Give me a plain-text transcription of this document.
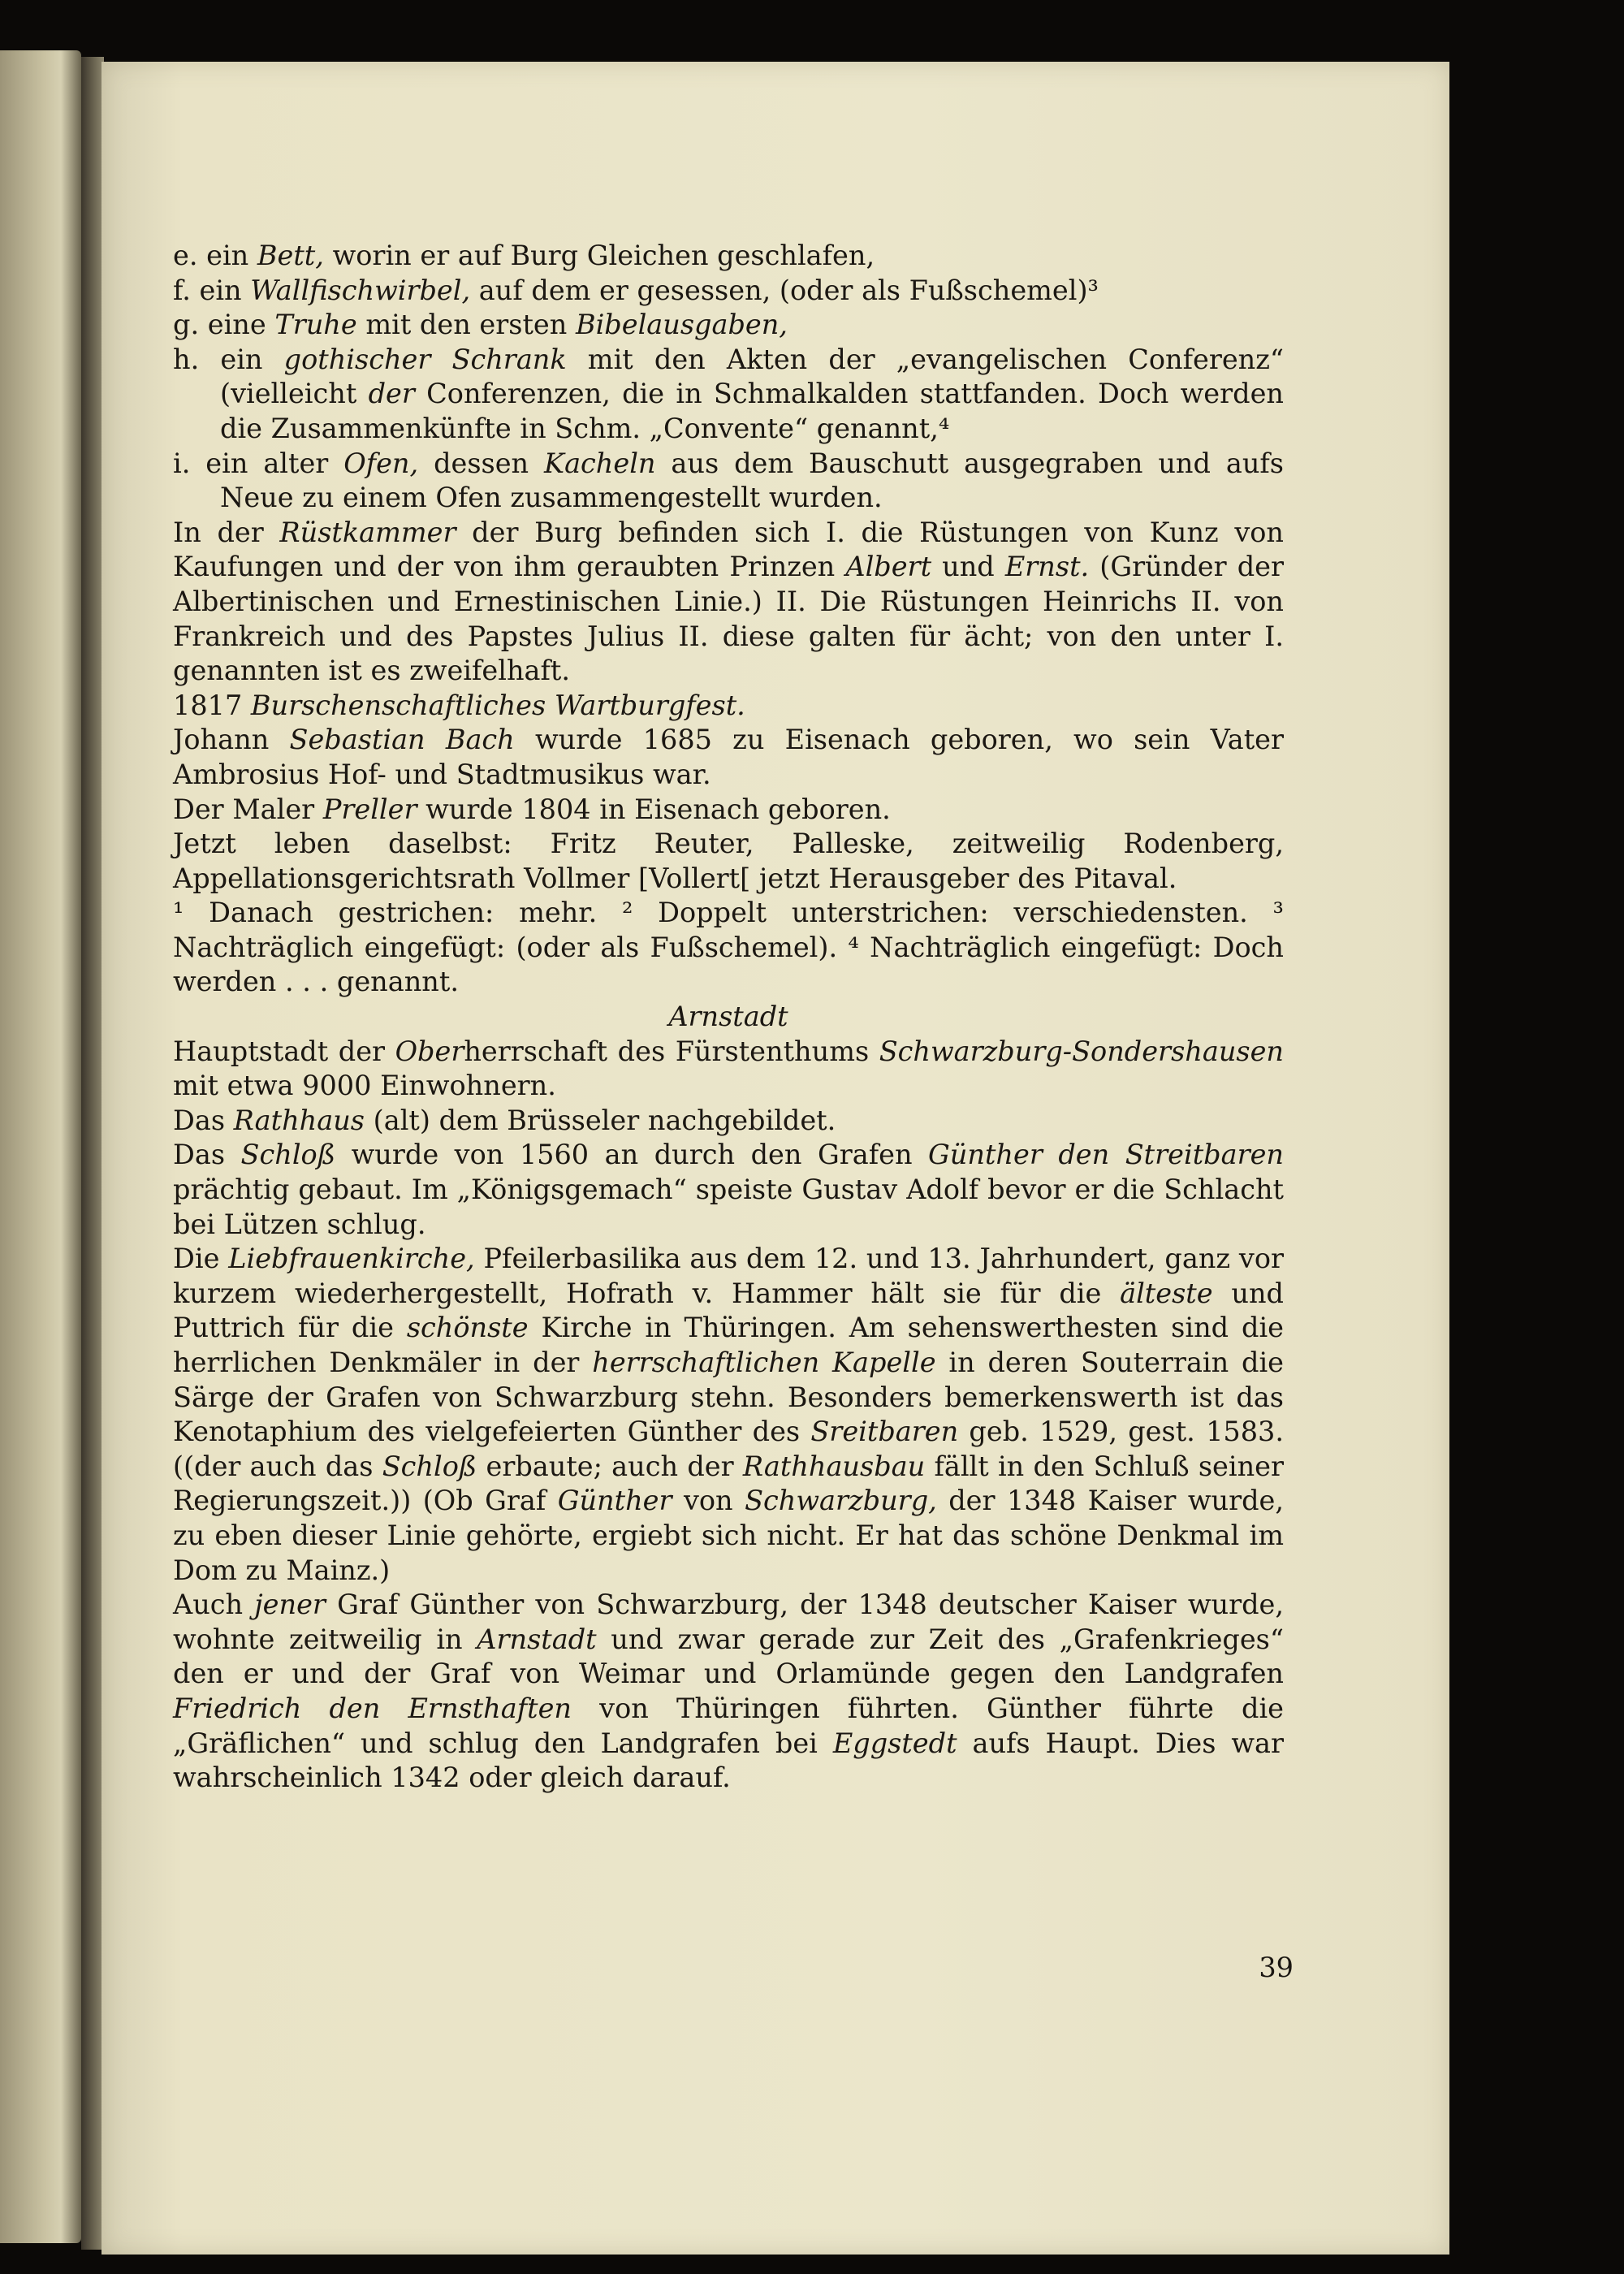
e. ein Bett, worin er auf Burg Gleichen geschlafen,

f. ein Wallfischwirbel, auf dem er gesessen, (oder als Fußschemel)³

g. eine Truhe mit den ersten Bibelausgaben,

h. ein gothischer Schrank mit den Akten der „evangelischen Conferenz“ (vielleicht der Conferenzen, die in Schmalkalden stattfanden. Doch werden die Zusammenkünfte in Schm. „Convente“ genannt,⁴

i. ein alter Ofen, dessen Kacheln aus dem Bauschutt ausgegraben und aufs Neue zu einem Ofen zusammengestellt wurden.

In der Rüstkammer der Burg befinden sich I. die Rüstungen von Kunz von Kaufungen und der von ihm geraubten Prinzen Albert und Ernst. (Gründer der Albertinischen und Ernestinischen Linie.) II. Die Rüstungen Heinrichs II. von Frankreich und des Papstes Julius II. diese galten für ächt; von den unter I. genannten ist es zweifelhaft.

1817 Burschenschaftliches Wartburgfest.

Johann Sebastian Bach wurde 1685 zu Eisenach geboren, wo sein Vater Ambrosius Hof- und Stadtmusikus war.

Der Maler Preller wurde 1804 in Eisenach geboren.

Jetzt leben daselbst: Fritz Reuter, Palleske, zeitweilig Rodenberg, Appellationsgerichtsrath Vollmer [Vollert[ jetzt Herausgeber des Pitaval.

¹ Danach gestrichen: mehr. ² Doppelt unterstrichen: verschiedensten. ³ Nachträglich eingefügt: (oder als Fußschemel). ⁴ Nachträglich eingefügt: Doch werden . . . genannt.

Arnstadt

Hauptstadt der Oberherrschaft des Fürstenthums Schwarzburg-Sondershausen mit etwa 9000 Einwohnern.

Das Rathhaus (alt) dem Brüsseler nachgebildet.

Das Schloß wurde von 1560 an durch den Grafen Günther den Streitbaren prächtig gebaut. Im „Königsgemach“ speiste Gustav Adolf bevor er die Schlacht bei Lützen schlug.

Die Liebfrauenkirche, Pfeilerbasilika aus dem 12. und 13. Jahrhundert, ganz vor kurzem wiederhergestellt, Hofrath v. Hammer hält sie für die älteste und Puttrich für die schönste Kirche in Thüringen. Am sehenswerthesten sind die herrlichen Denkmäler in der herrschaftlichen Kapelle in deren Souterrain die Särge der Grafen von Schwarzburg stehn. Besonders bemerkenswerth ist das Kenotaphium des vielgefeierten Günther des Sreitbaren geb. 1529, gest. 1583. ((der auch das Schloß erbaute; auch der Rathhausbau fällt in den Schluß seiner Regierungszeit.)) (Ob Graf Günther von Schwarzburg, der 1348 Kaiser wurde, zu eben dieser Linie gehörte, ergiebt sich nicht. Er hat das schöne Denkmal im Dom zu Mainz.)

Auch jener Graf Günther von Schwarzburg, der 1348 deutscher Kaiser wurde, wohnte zeitweilig in Arnstadt und zwar gerade zur Zeit des „Grafenkrieges“ den er und der Graf von Weimar und Orlamünde gegen den Landgrafen Friedrich den Ernsthaften von Thüringen führten. Günther führte die „Gräflichen“ und schlug den Landgrafen bei Eggstedt aufs Haupt. Dies war wahrscheinlich 1342 oder gleich darauf.

39
